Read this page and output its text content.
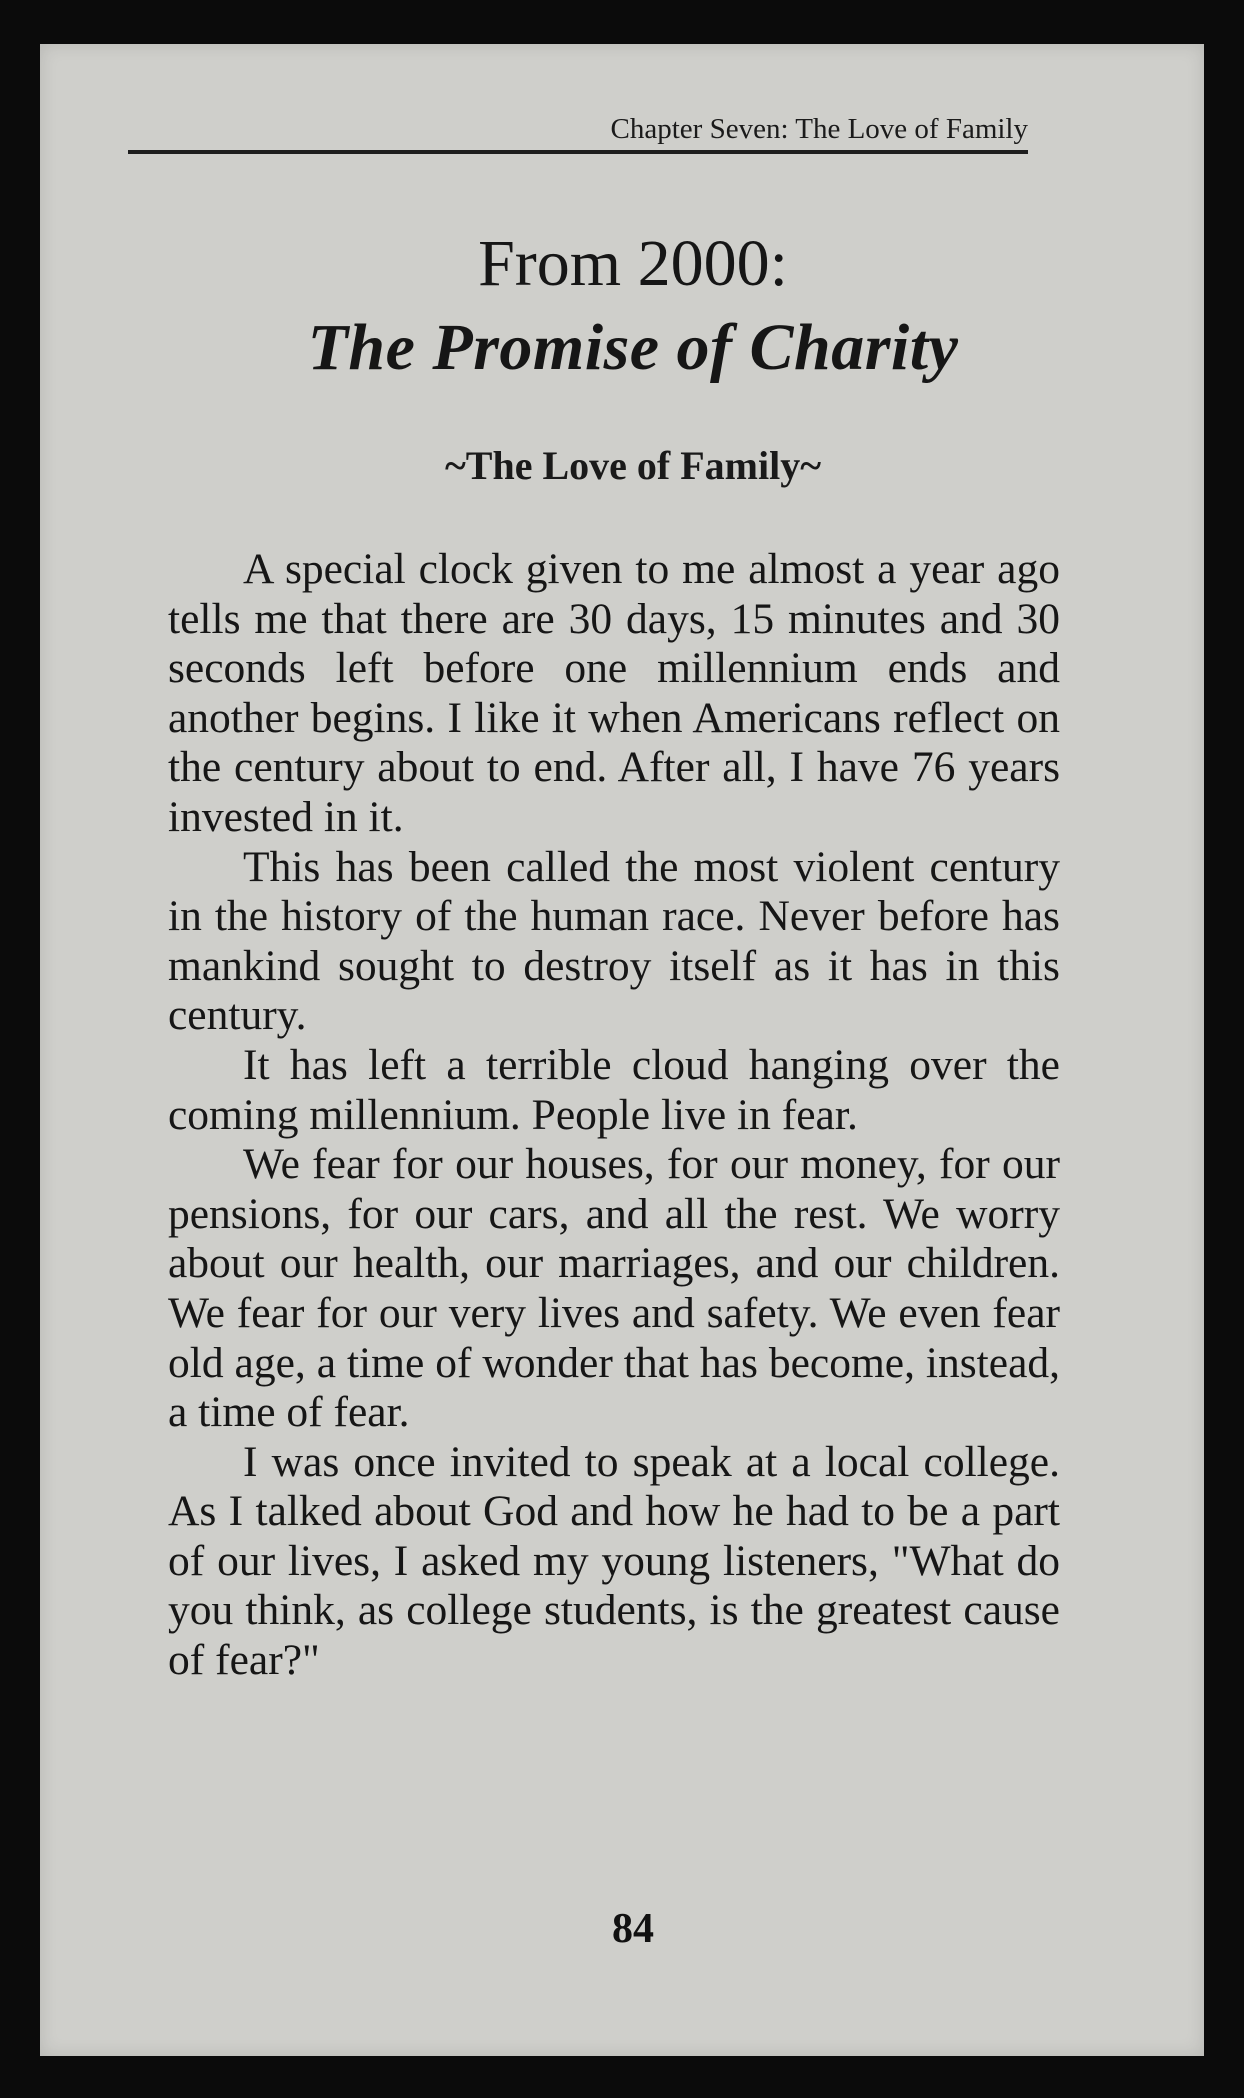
Chapter Seven: The Love of Family
From 2000:
The Promise of Charity
~The Love of Family~

A special clock given to me almost a year ago tells me that there are 30 days, 15 minutes and 30 seconds left before one millennium ends and another begins. I like it when Americans reflect on the century about to end. After all, I have 76 years invested in it.

This has been called the most violent century in the history of the human race. Never before has mankind sought to destroy itself as it has in this century.

It has left a terrible cloud hanging over the coming millennium. People live in fear.

We fear for our houses, for our money, for our pensions, for our cars, and all the rest. We worry about our health, our marriages, and our children. We fear for our very lives and safety. We even fear old age, a time of wonder that has become, instead, a time of fear.

I was once invited to speak at a local college. As I talked about God and how he had to be a part of our lives, I asked my young listeners, "What do you think, as college students, is the greatest cause of fear?"

84
